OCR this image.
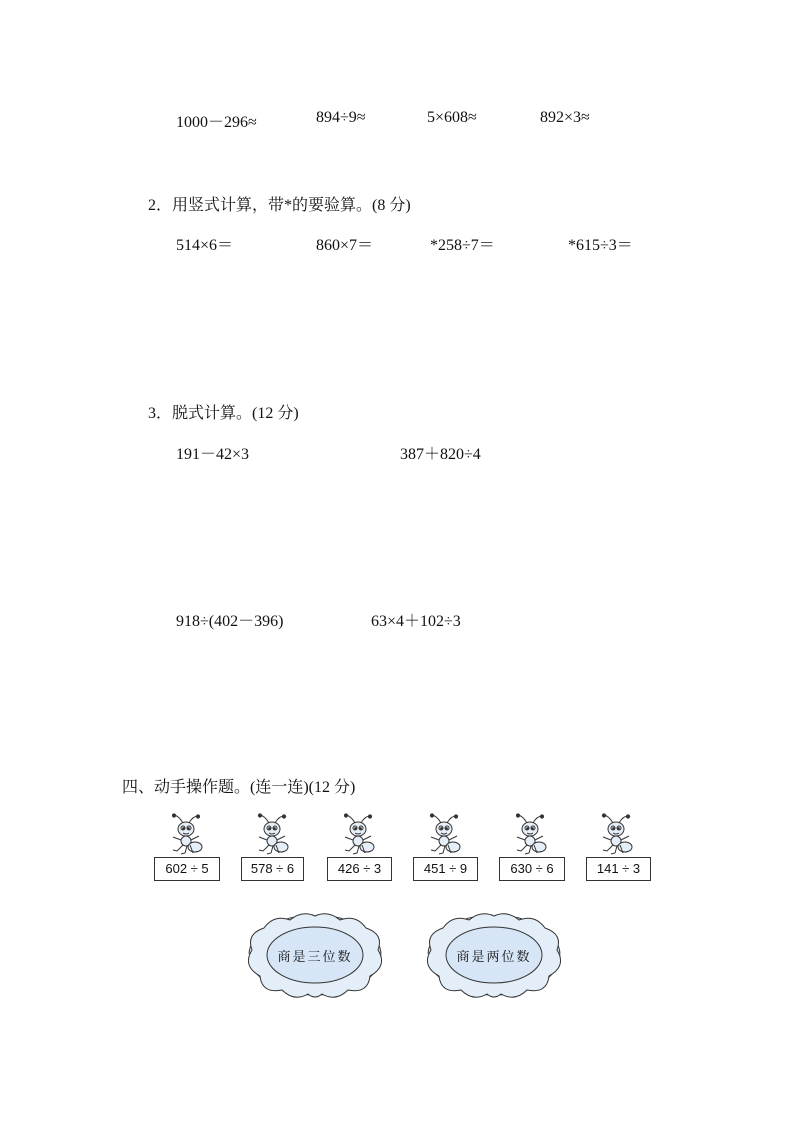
1000－296≈	894÷9≈	5×608≈	892×3≈
2．用竖式计算，带*的要验算。(8 分)
514×6＝	860×7＝	*258÷7＝	*615÷3＝
3．脱式计算。(12 分)
191－42×3	387＋820÷4
918÷(402－396)	63×4＋102÷3
四、动手操作题。(连一连)(12 分)
602 ÷ 5	578 ÷ 6	426 ÷ 3	451 ÷ 9	630 ÷ 6	141 ÷ 3
商是三位数	商是两位数
